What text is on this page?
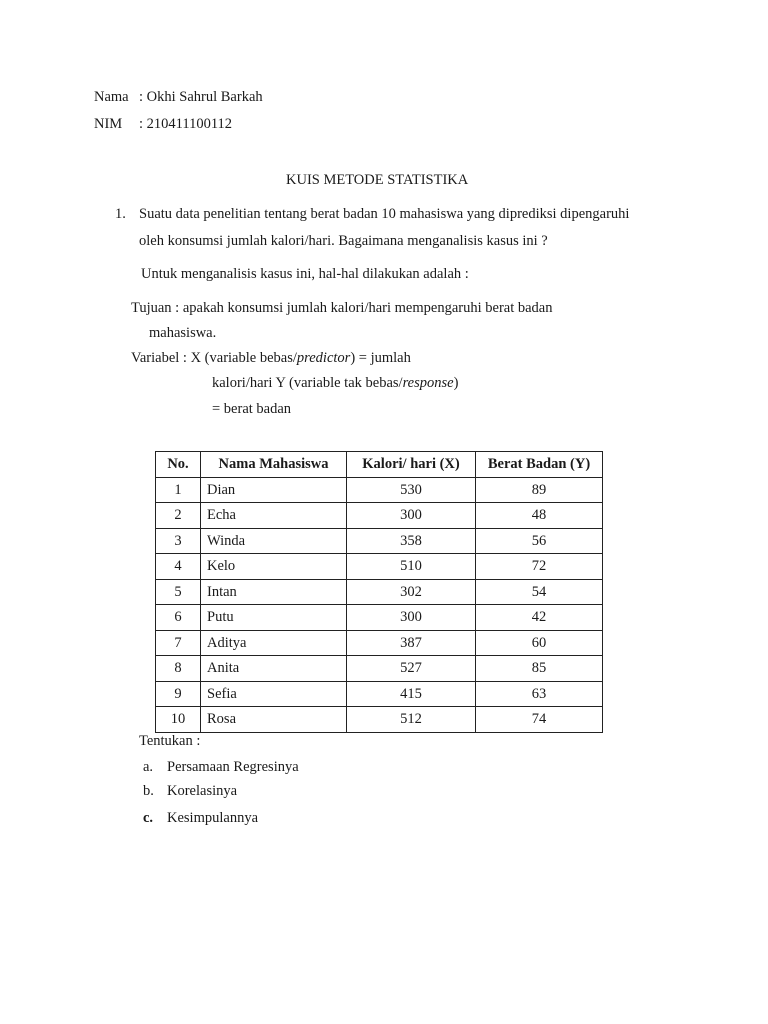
Nama : Okhi Sahrul Barkah
NIM : 210411100112
KUIS METODE STATISTIKA
1. Suatu data penelitian tentang berat badan 10 mahasiswa yang diprediksi dipengaruhi
oleh konsumsi jumlah kalori/hari. Bagaimana menganalisis kasus ini ?
Untuk menganalisis kasus ini, hal-hal dilakukan adalah :
Tujuan : apakah konsumsi jumlah kalori/hari mempengaruhi berat badan
mahasiswa.
Variabel : X (variable bebas/predictor) = jumlah
kalori/hari Y (variable tak bebas/response)
= berat badan
No.	Nama Mahasiswa	Kalori/ hari (X)	Berat Badan (Y)
1	Dian	530	89
2	Echa	300	48
3	Winda	358	56
4	Kelo	510	72
5	Intan	302	54
6	Putu	300	42
7	Aditya	387	60
8	Anita	527	85
9	Sefia	415	63
10	Rosa	512	74
Tentukan :
a. Persamaan Regresinya
b. Korelasinya
c. Kesimpulannya
